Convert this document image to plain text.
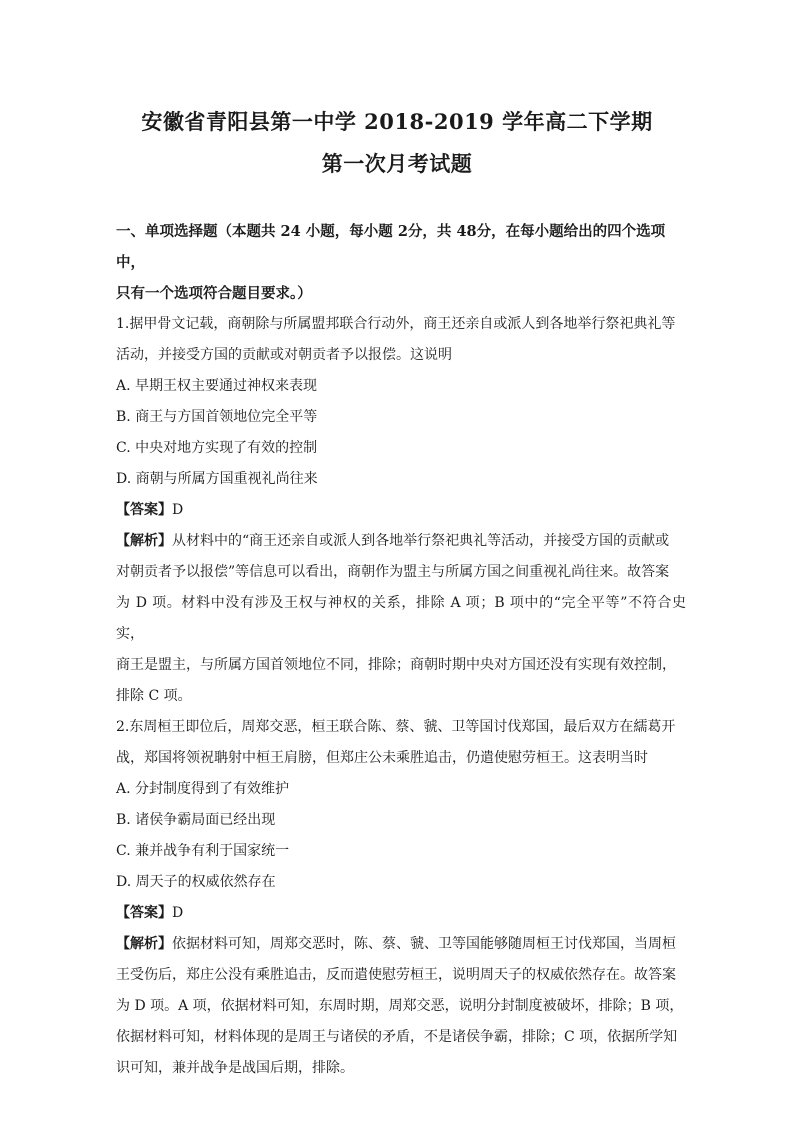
安徽省青阳县第一中学 2018-2019 学年高二下学期
第一次月考试题

一、单项选择题（本题共 24 小题，每小题 2分，共 48分，在每小题给出的四个选项中，

只有一个选项符合题目要求。）

1.据甲骨文记载，商朝除与所属盟邦联合行动外，商王还亲自或派人到各地举行祭祀典礼等

活动，并接受方国的贡献或对朝贡者予以报偿。这说明

A. 早期王权主要通过神权来表现

B. 商王与方国首领地位完全平等

C. 中央对地方实现了有效的控制

D. 商朝与所属方国重视礼尚往来

【答案】D

【解析】从材料中的“商王还亲自或派人到各地举行祭祀典礼等活动，并接受方国的贡献或

对朝贡者予以报偿”等信息可以看出，商朝作为盟主与所属方国之间重视礼尚往来。故答案

为 D 项。材料中没有涉及王权与神权的关系，排除 A 项；B 项中的“完全平等”不符合史实，

商王是盟主，与所属方国首领地位不同，排除；商朝时期中央对方国还没有实现有效控制，

排除 C 项。

2.东周桓王即位后，周郑交恶，桓王联合陈、蔡、虢、卫等国讨伐郑国，最后双方在繻葛开

战，郑国将领祝聃射中桓王肩膀，但郑庄公未乘胜追击，仍遣使慰劳桓王。这表明当时

A. 分封制度得到了有效维护

B. 诸侯争霸局面已经出现

C. 兼并战争有利于国家统一

D. 周天子的权威依然存在

【答案】D

【解析】依据材料可知，周郑交恶时，陈、蔡、虢、卫等国能够随周桓王讨伐郑国，当周桓

王受伤后，郑庄公没有乘胜追击，反而遣使慰劳桓王，说明周天子的权威依然存在。故答案

为 D 项。A 项，依据材料可知，东周时期，周郑交恶，说明分封制度被破坏，排除；B 项，

依据材料可知，材料体现的是周王与诸侯的矛盾，不是诸侯争霸，排除；C 项，依据所学知

识可知，兼并战争是战国后期，排除。
